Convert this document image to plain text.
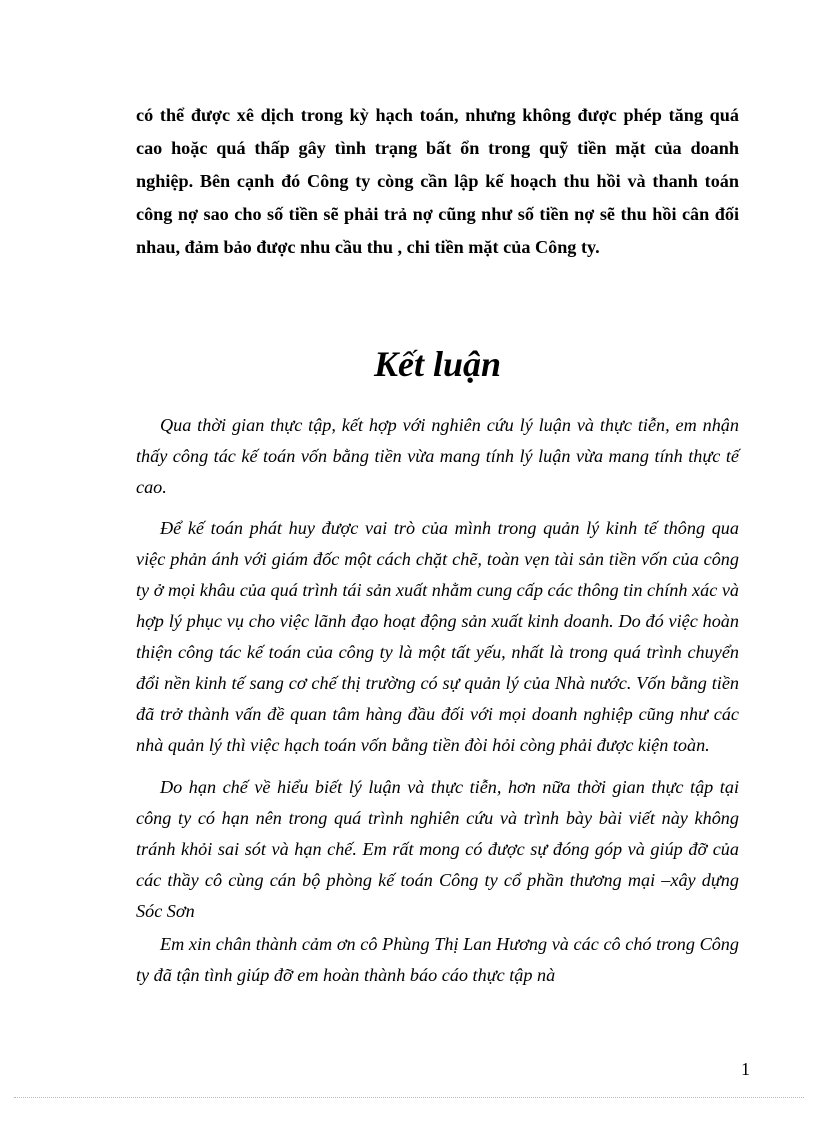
có thể được xê dịch trong kỳ hạch toán, nhưng không được phép tăng quá cao hoặc quá thấp gây tình trạng bất ổn trong quỹ tiền mặt của doanh nghiệp. Bên cạnh đó Công ty còng cần lập kế hoạch thu hồi và thanh toán công nợ sao cho số tiền sẽ phải trả nợ cũng như số tiền nợ sẽ thu hồi cân đối nhau, đảm bảo được nhu cầu thu , chi tiền mặt của Công ty.

Kết luận

Qua thời gian thực tập, kết hợp với nghiên cứu lý luận và thực tiễn, em nhận thấy công tác kế toán vốn bằng tiền vừa mang tính lý luận vừa mang tính thực tế cao.

Để kế toán phát huy được vai trò của mình trong quản lý kinh tế thông qua việc phản ánh với giám đốc một cách chặt chẽ, toàn vẹn tài sản tiền vốn của công ty ở mọi khâu của quá trình tái sản xuất nhằm cung cấp các thông tin chính xác và hợp lý phục vụ cho việc lãnh đạo hoạt động sản xuất kinh doanh. Do đó việc hoàn thiện công tác kế toán của công ty là một tất yếu, nhất là trong quá trình chuyển đổi nền kinh tế sang cơ chế thị trường có sự quản lý của Nhà nước. Vốn bằng tiền đã trở thành vấn đề quan tâm hàng đầu đối với mọi doanh nghiệp cũng như các nhà quản lý thì việc hạch toán vốn bằng tiền đòi hỏi còng phải được kiện toàn.

Do hạn chế về hiểu biết lý luận và thực tiễn, hơn nữa thời gian thực tập tại công ty có hạn nên trong quá trình nghiên cứu và trình bày bài viết này không tránh khỏi sai sót và hạn chế. Em rất mong có được sự đóng góp và giúp đỡ của các thầy cô cùng cán bộ phòng kế toán Công ty cổ phần thương mại –xây dựng Sóc Sơn

Em xin chân thành cảm ơn cô Phùng Thị Lan Hương và các cô chó trong Công ty đã tận tình giúp đỡ em hoàn thành báo cáo thực tập nà

1
